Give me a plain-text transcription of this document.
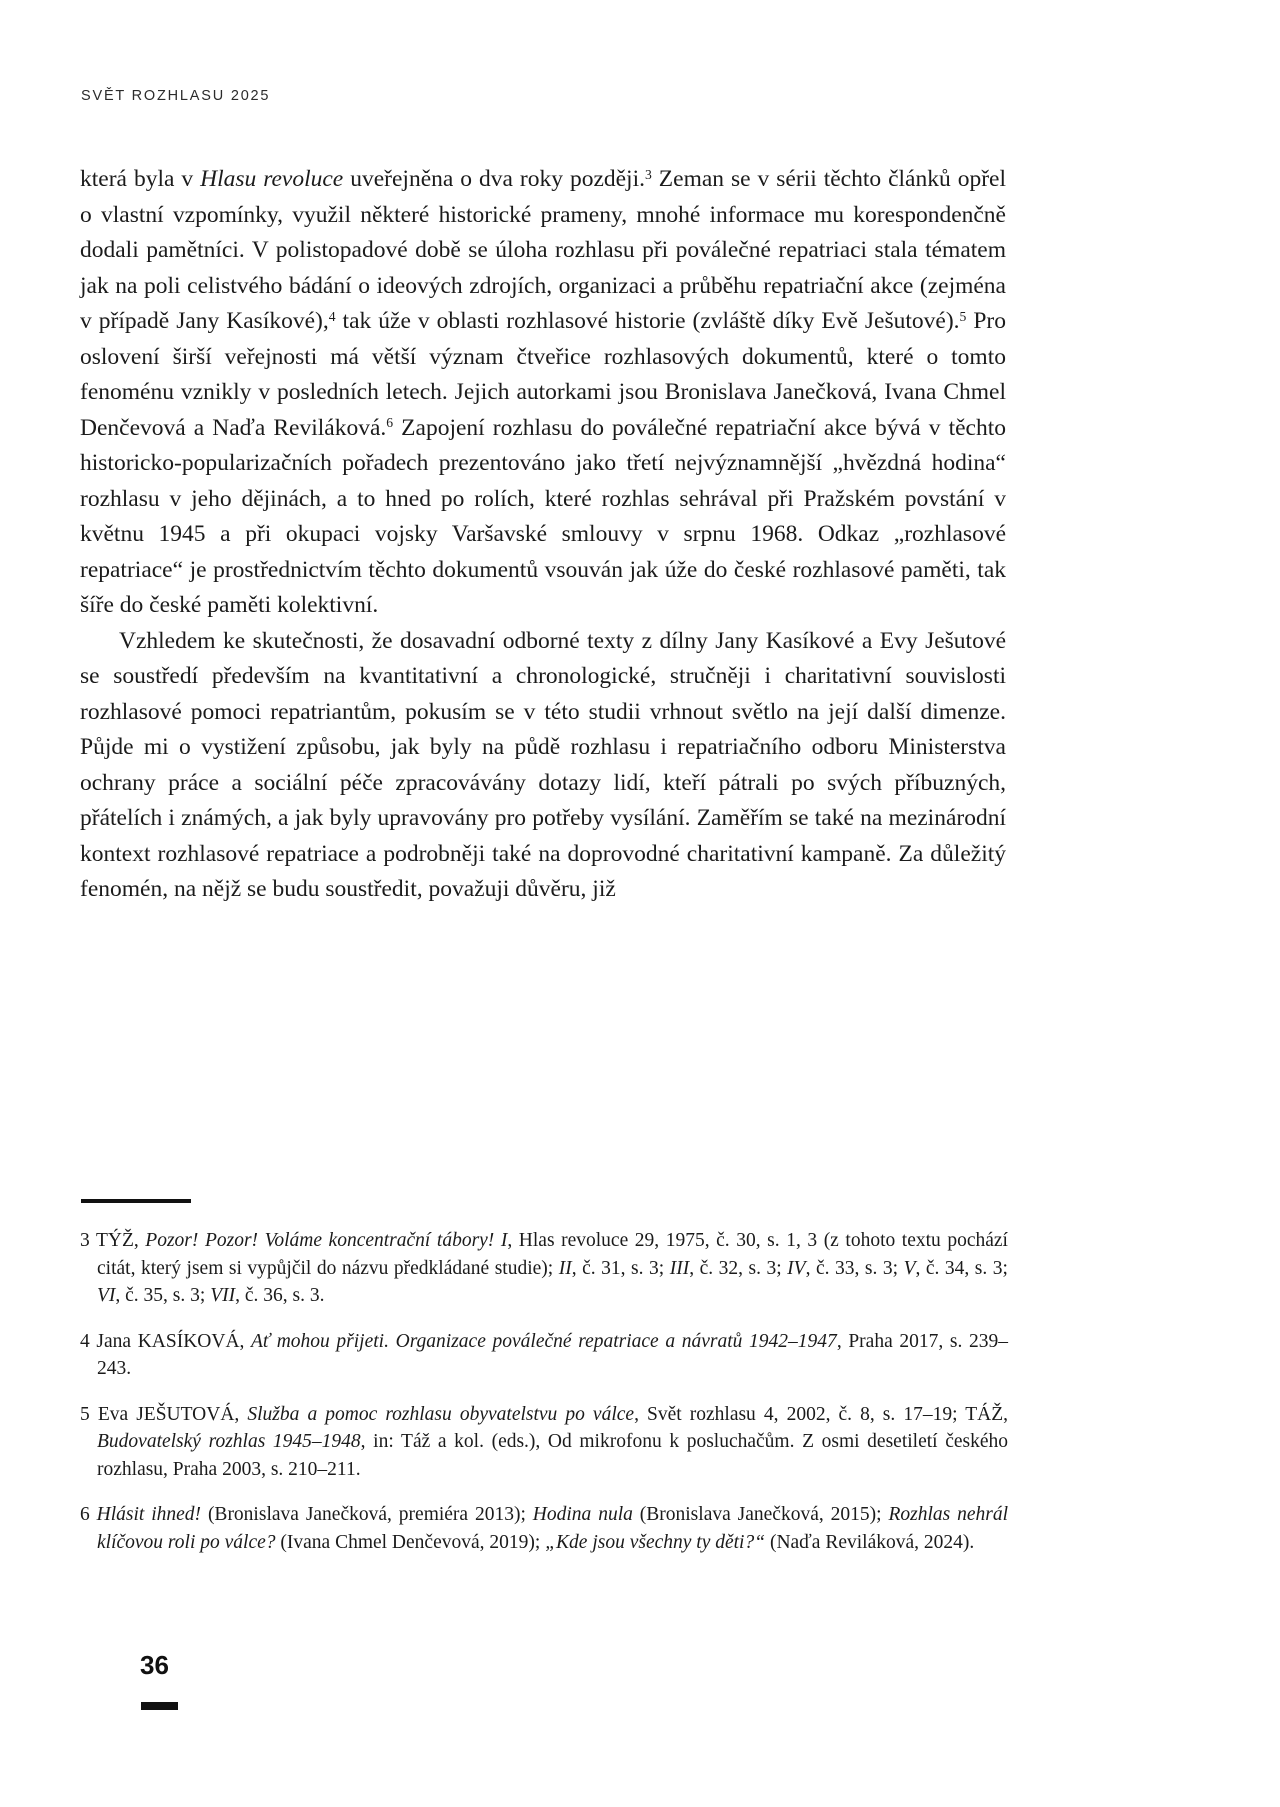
SVĚT ROZHLASU 2025

která byla v Hlasu revoluce uveřejněna o dva roky později.$^3$ Zeman se v sérii těchto článků opřel o vlastní vzpomínky, využil některé historické prameny, mnohé informace mu korespondenčně dodali pamětníci. V polistopadové době se úloha rozhlasu při poválečné repatriaci stala tématem jak na poli celistvého bádání o ideových zdrojích, organizaci a průběhu repatriační akce (zejména v případě Jany Kasíkové),$^4$ tak úže v oblasti rozhlasové historie (zvláště díky Evě Ješutové).$^5$ Pro oslovení širší veřejnosti má větší význam čtveřice rozhlasových dokumentů, které o tomto fenoménu vznikly v posledních letech. Jejich autorkami jsou Bronislava Janečková, Ivana Chmel Denčevová a Naďa Reviláková.$^6$ Zapojení rozhlasu do poválečné repatriační akce bývá v těchto historicko-popularizačních pořadech prezentováno jako třetí nejvýznamnější „hvězdná hodina“ rozhlasu v jeho dějinách, a to hned po rolích, které rozhlas sehrával při Pražském povstání v květnu 1945 a při okupaci vojsky Varšavské smlouvy v srpnu 1968. Odkaz „rozhlasové repatriace“ je prostřednictvím těchto dokumentů vsouván jak úže do české rozhlasové paměti, tak šíře do české paměti kolektivní.

Vzhledem ke skutečnosti, že dosavadní odborné texty z dílny Jany Kasíkové a Evy Ješutové se soustředí především na kvantitativní a chronologické, stručněji i charitativní souvislosti rozhlasové pomoci repatriantům, pokusím se v této studii vrhnout světlo na její další dimenze. Půjde mi o vystižení způsobu, jak byly na půdě rozhlasu i repatriačního odboru Ministerstva ochrany práce a sociální péče zpracovávány dotazy lidí, kteří pátrali po svých příbuzných, přátelích i známých, a jak byly upravovány pro potřeby vysílání. Zaměřím se také na mezinárodní kontext rozhlasové repatriace a podrobněji také na doprovodné charitativní kampaně. Za důležitý fenomén, na nějž se budu soustředit, považuji důvěru, již

3 TÝŽ, Pozor! Pozor! Voláme koncentrační tábory! I, Hlas revoluce 29, 1975, č. 30, s. 1, 3 (z tohoto textu pochází citát, který jsem si vypůjčil do názvu předkládané studie); II, č. 31, s. 3; III, č. 32, s. 3; IV, č. 33, s. 3; V, č. 34, s. 3; VI, č. 35, s. 3; VII, č. 36, s. 3.

4 Jana KASÍKOVÁ, Ať mohou přijeti. Organizace poválečné repatriace a návratů 1942–1947, Praha 2017, s. 239–243.

5 Eva JEŠUTOVÁ, Služba a pomoc rozhlasu obyvatelstvu po válce, Svět rozhlasu 4, 2002, č. 8, s. 17–19; TÁŽ, Budovatelský rozhlas 1945–1948, in: Táž a kol. (eds.), Od mikrofonu k posluchačům. Z osmi desetiletí českého rozhlasu, Praha 2003, s. 210–211.

6 Hlásit ihned! (Bronislava Janečková, premiéra 2013); Hodina nula (Bronislava Janečková, 2015); Rozhlas nehrál klíčovou roli po válce? (Ivana Chmel Denčevová, 2019); „Kde jsou všechny ty děti?“ (Naďa Reviláková, 2024).

36
